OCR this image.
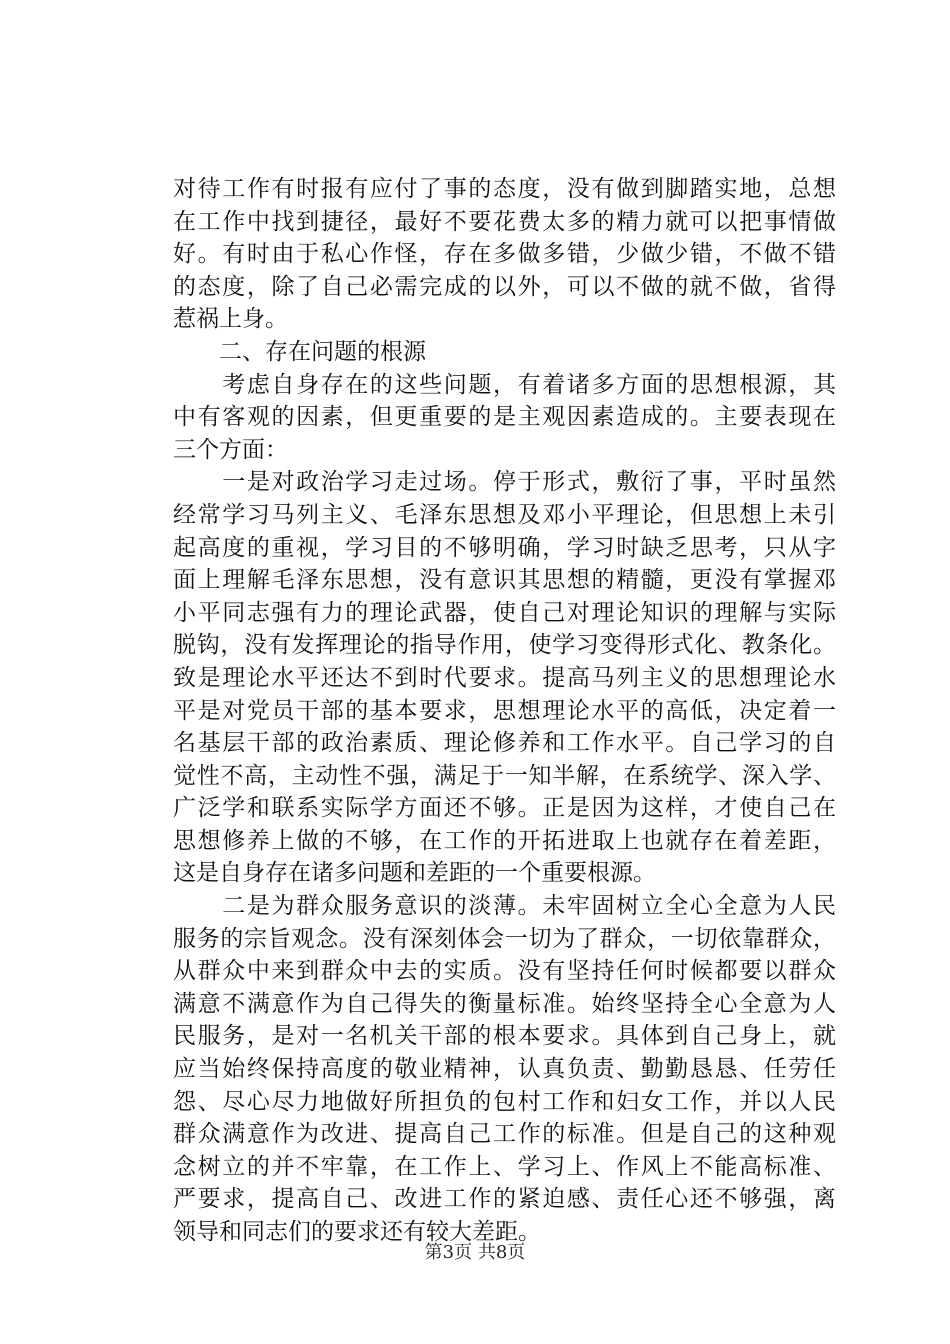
对待工作有时报有应付了事的态度，没有做到脚踏实地，总想
在工作中找到捷径，最好不要花费太多的精力就可以把事情做
好。有时由于私心作怪，存在多做多错，少做少错，不做不错
的态度，除了自己必需完成的以外，可以不做的就不做，省得
惹祸上身。
　　二、存在问题的根源
　　考虑自身存在的这些问题，有着诸多方面的思想根源，其
中有客观的因素，但更重要的是主观因素造成的。主要表现在
三个方面：
　　一是对政治学习走过场。停于形式，敷衍了事，平时虽然
经常学习马列主义、毛泽东思想及邓小平理论，但思想上未引
起高度的重视，学习目的不够明确，学习时缺乏思考，只从字
面上理解毛泽东思想，没有意识其思想的精髓，更没有掌握邓
小平同志强有力的理论武器，使自己对理论知识的理解与实际
脱钩，没有发挥理论的指导作用，使学习变得形式化、教条化。
致是理论水平还达不到时代要求。提高马列主义的思想理论水
平是对党员干部的基本要求，思想理论水平的高低，决定着一
名基层干部的政治素质、理论修养和工作水平。自己学习的自
觉性不高，主动性不强，满足于一知半解，在系统学、深入学、
广泛学和联系实际学方面还不够。正是因为这样，才使自己在
思想修养上做的不够，在工作的开拓进取上也就存在着差距，
这是自身存在诸多问题和差距的一个重要根源。
　　二是为群众服务意识的淡薄。未牢固树立全心全意为人民
服务的宗旨观念。没有深刻体会一切为了群众，一切依靠群众，
从群众中来到群众中去的实质。没有坚持任何时候都要以群众
满意不满意作为自己得失的衡量标准。始终坚持全心全意为人
民服务，是对一名机关干部的根本要求。具体到自己身上，就
应当始终保持高度的敬业精神，认真负责、勤勤恳恳、任劳任
怨、尽心尽力地做好所担负的包村工作和妇女工作，并以人民
群众满意作为改进、提高自己工作的标准。但是自己的这种观
念树立的并不牢靠，在工作上、学习上、作风上不能高标准、
严要求，提高自己、改进工作的紧迫感、责任心还不够强，离
领导和同志们的要求还有较大差距。
第3页 共8页
